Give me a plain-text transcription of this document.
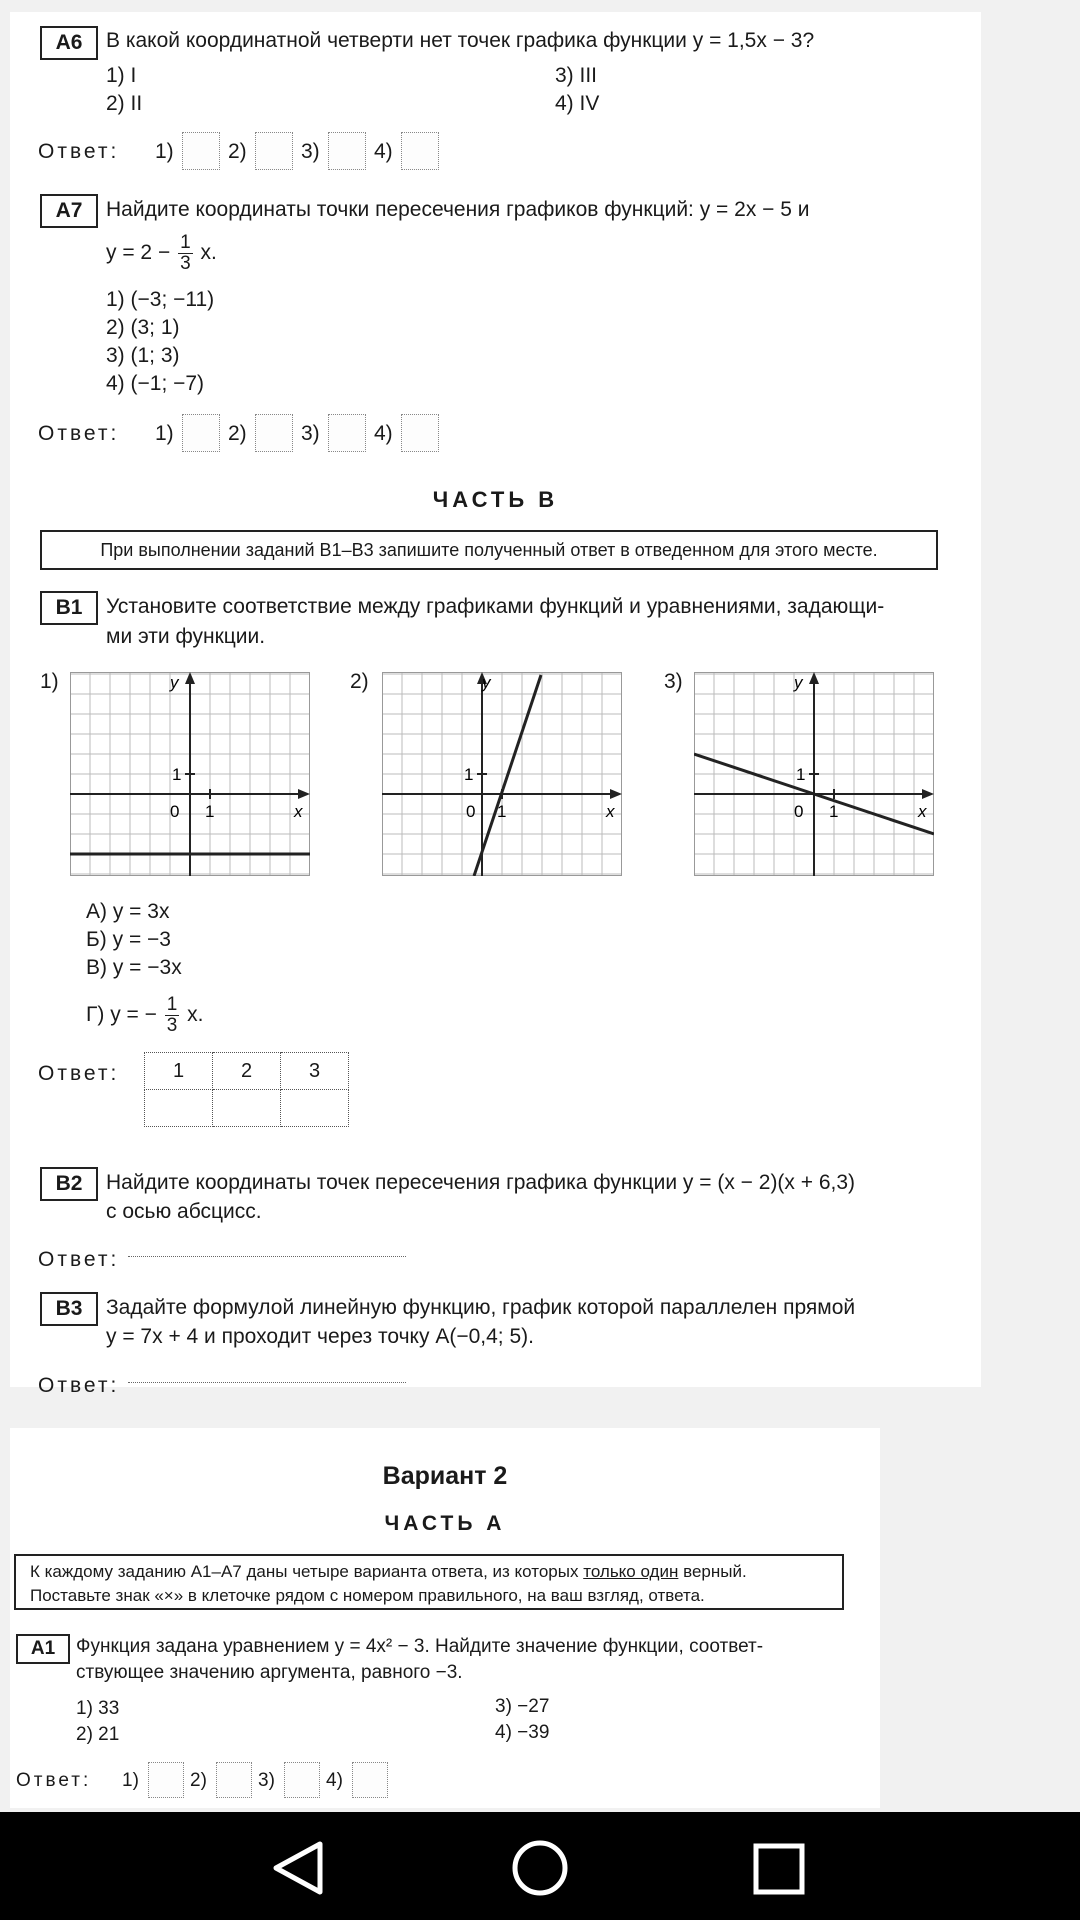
А6	В какой координатной четверти нет точек графика функции y = 1,5x − 3?
1) I
2) II
3) III
4) IV
Ответ: 1)	2)	3)	4)
А7	Найдите координаты точки пересечения графиков функций: y = 2x − 5 и
$y = 2 - \frac{1}{3} x$.
1) (−3; −11)
2) (3; 1)
3) (1; 3)
4) (−1; −7)
Ответ: 1)	2)	3)	4)
ЧАСТЬ В
При выполнении заданий В1–В3 запишите полученный ответ в отведенном для этого месте.
В1	Установите соответствие между графиками функций и уравнениями, задающи-
ми эти функции.
1)	y
x
0 1
1
2)	y
x
0 1
1
3)	y
x
0 1
1
А) y = 3x
Б) y = −3
В) y = −3x
Г) y = − $\frac{1}{3} x$.
Ответ:	1	2	3

В2	Найдите координаты точек пересечения графика функции y = (x − 2)(x + 6,3)
с осью абсцисс.
Ответ:
В3	Задайте формулой линейную функцию, график которой параллелен прямой
y = 7x + 4 и проходит через точку A(−0,4; 5).
Ответ:
Вариант 2
ЧАСТЬ А
К каждому заданию А1–А7 даны четыре варианта ответа, из которых только один верный.
Поставьте знак «×» в клеточке рядом с номером правильного, на ваш взгляд, ответа.
А1	Функция задана уравнением y = 4x² − 3. Найдите значение функции, соответ-
ствующее значению аргумента, равного −3.
1) 33
2) 21
3) −27
4) −39
Ответ: 1)	2)	3)	4)
